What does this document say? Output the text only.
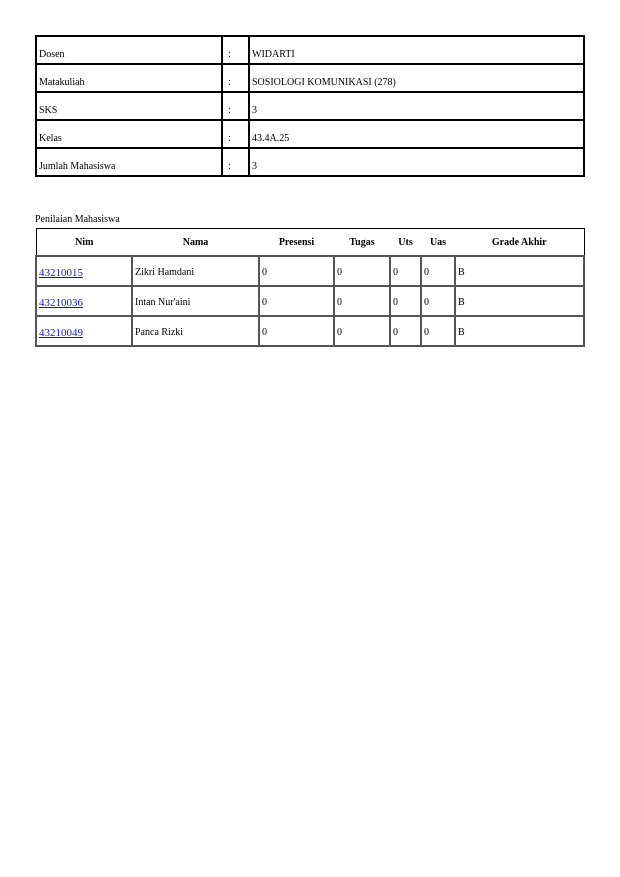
Dosen	:	WIDARTI
Matakuliah	:	SOSIOLOGI KOMUNIKASI (278)
SKS	:	3
Kelas	:	43.4A.25
Jumlah Mahasiswa	:	3
Penilaian Mahasiswa
Nim	Nama	Presensi	Tugas	Uts	Uas	Grade Akhir
43210015	Zikri Hamdani	0	0	0	0	B
43210036	Intan Nur'aini	0	0	0	0	B
43210049	Panca Rizki	0	0	0	0	B
